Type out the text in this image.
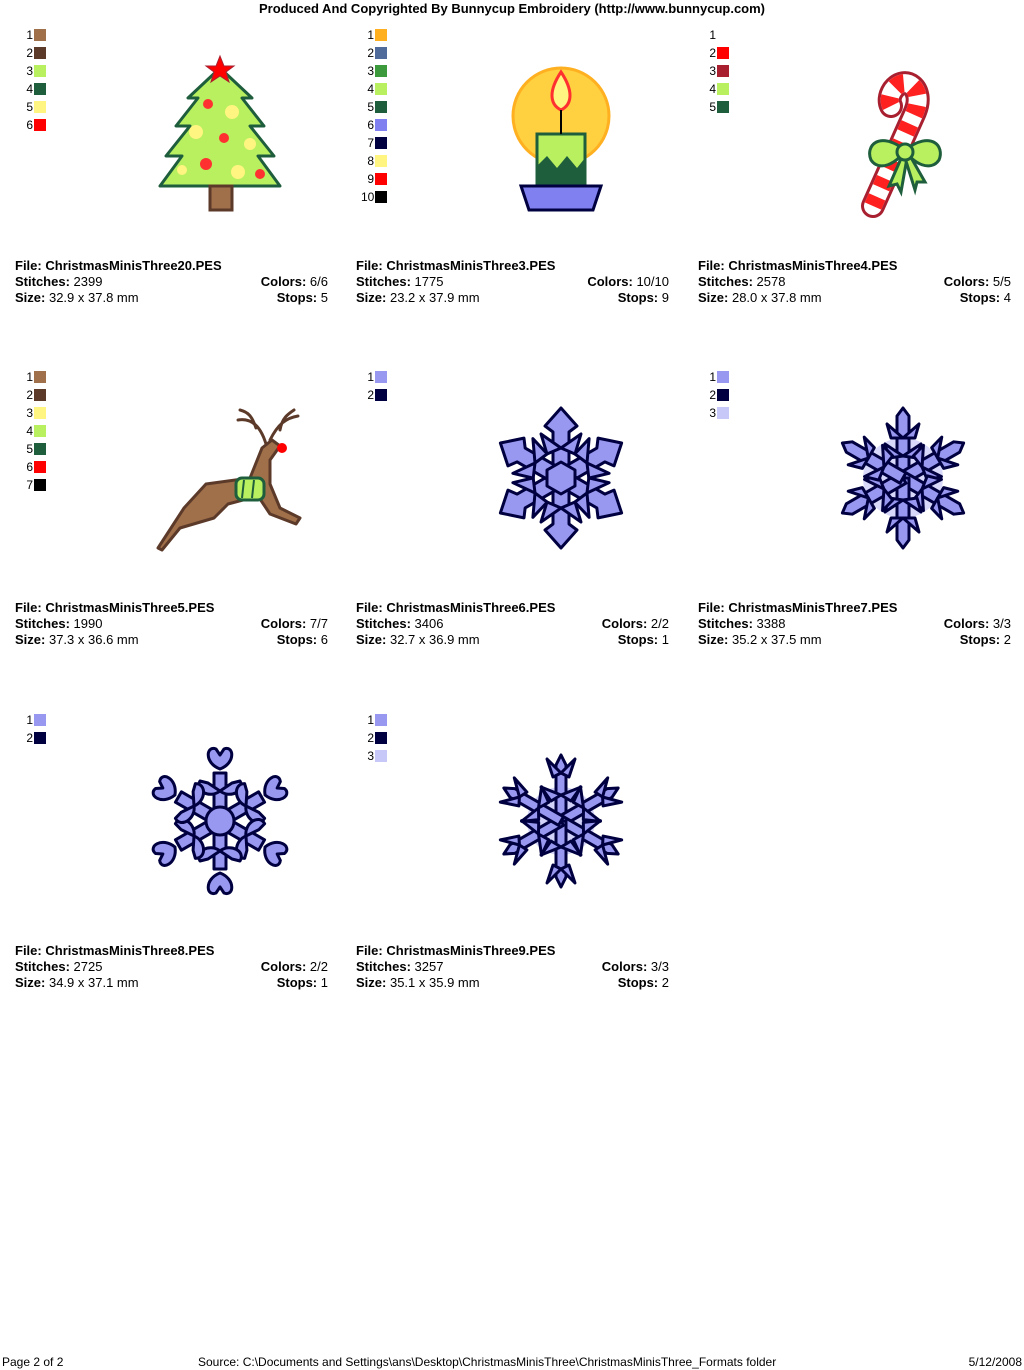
Produced And Copyrighted By Bunnycup Embroidery (http://www.bunnycup.com)
1
2
3
4
5
6
File: ChristmasMinisThree20.PES
Stitches: 2399	Colors: 6/6
Size: 32.9 x 37.8 mm	Stops: 5
1
2
3
4
5
6
7
8
9
10
File: ChristmasMinisThree3.PES
Stitches: 1775	Colors: 10/10
Size: 23.2 x 37.9 mm	Stops: 9
1
2
3
4
5
File: ChristmasMinisThree4.PES
Stitches: 2578	Colors: 5/5
Size: 28.0 x 37.8 mm	Stops: 4
1
2
3
4
5
6
7
File: ChristmasMinisThree5.PES
Stitches: 1990	Colors: 7/7
Size: 37.3 x 36.6 mm	Stops: 6
1
2
File: ChristmasMinisThree6.PES
Stitches: 3406	Colors: 2/2
Size: 32.7 x 36.9 mm	Stops: 1
1
2
3
File: ChristmasMinisThree7.PES
Stitches: 3388	Colors: 3/3
Size: 35.2 x 37.5 mm	Stops: 2
1
2
File: ChristmasMinisThree8.PES
Stitches: 2725	Colors: 2/2
Size: 34.9 x 37.1 mm	Stops: 1
1
2
3
File: ChristmasMinisThree9.PES
Stitches: 3257	Colors: 3/3
Size: 35.1 x 35.9 mm	Stops: 2
Page 2 of 2	Source: C:\Documents and Settings\ans\Desktop\ChristmasMinisThree\ChristmasMinisThree_Formats folder	5/12/2008
